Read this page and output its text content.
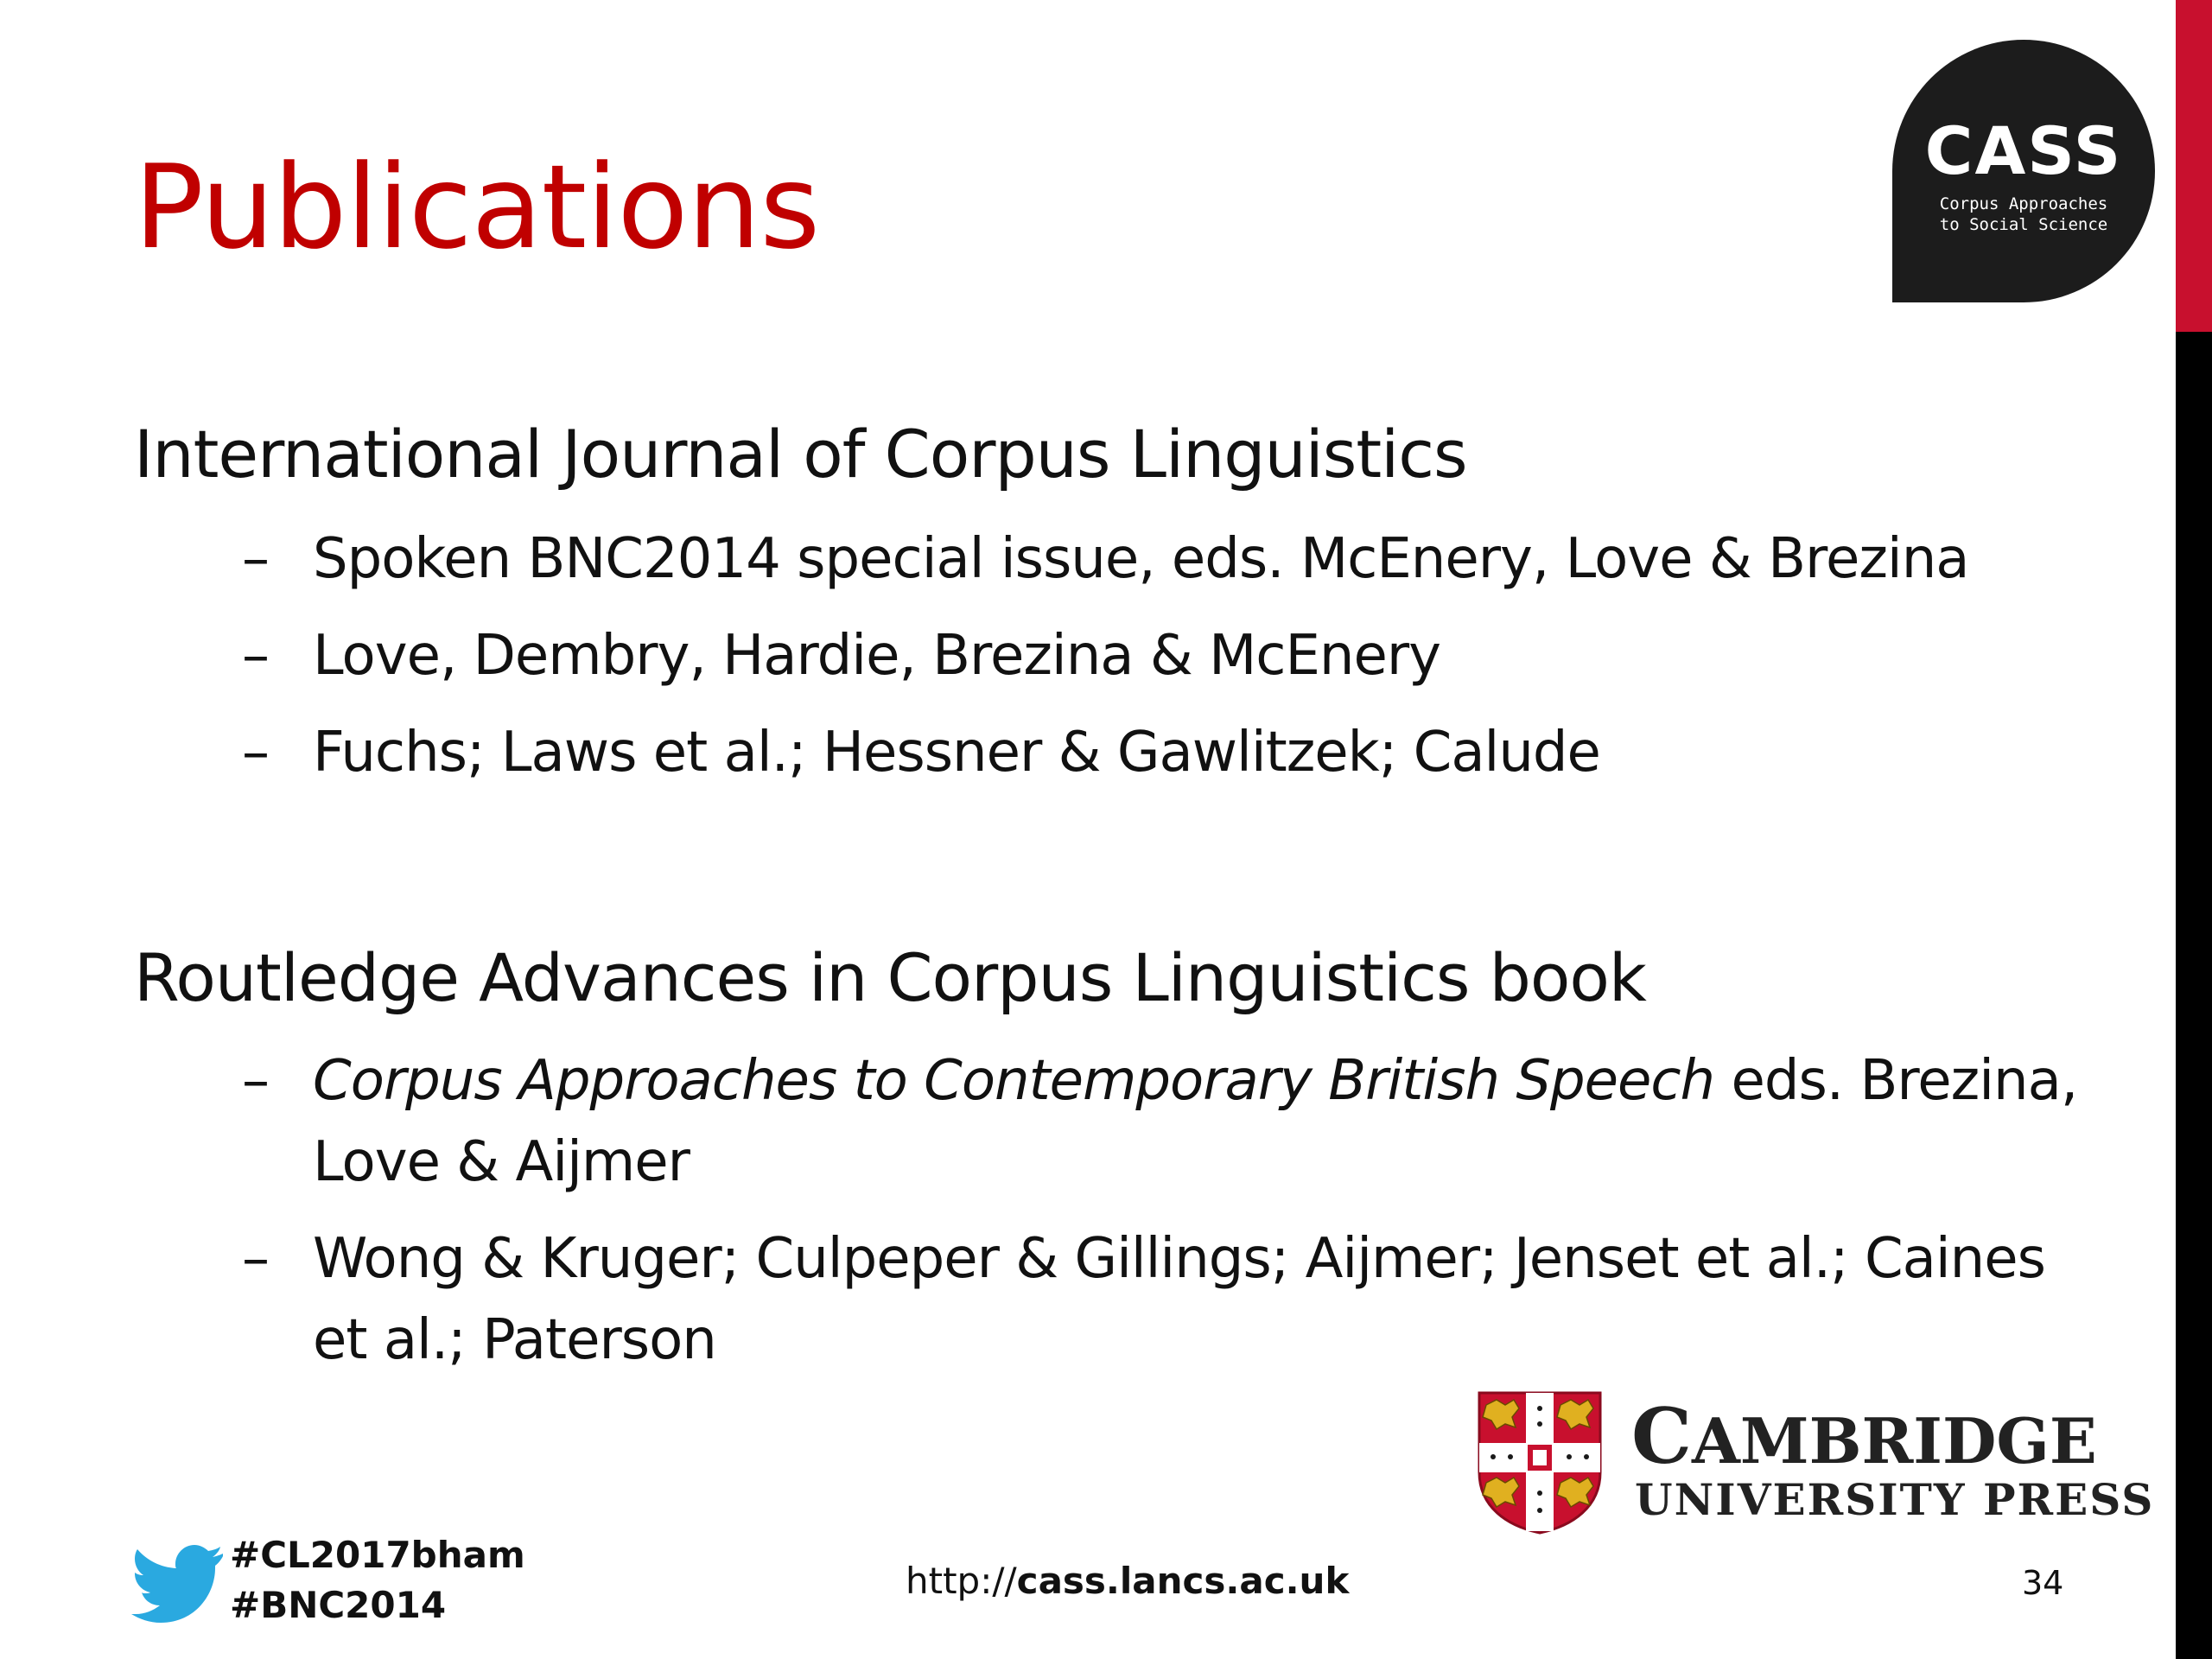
Publications	CASS
Corpus Approaches
to Social Science
International Journal of Corpus Linguistics
– Spoken BNC2014 special issue, eds. McEnery, Love & Brezina
– Love, Dembry, Hardie, Brezina & McEnery
– Fuchs; Laws et al.; Hessner & Gawlitzek; Calude
Routledge Advances in Corpus Linguistics book
– Corpus Approaches to Contemporary British Speech eds. Brezina,
Love & Aijmer
– Wong & Kruger; Culpeper & Gillings; Aijmer; Jenset et al.; Caines
et al.; Paterson
CAMBRIDGE
UNIVERSITY PRESS
#CL2017bham
#BNC2014
http://cass.lancs.ac.uk	34
